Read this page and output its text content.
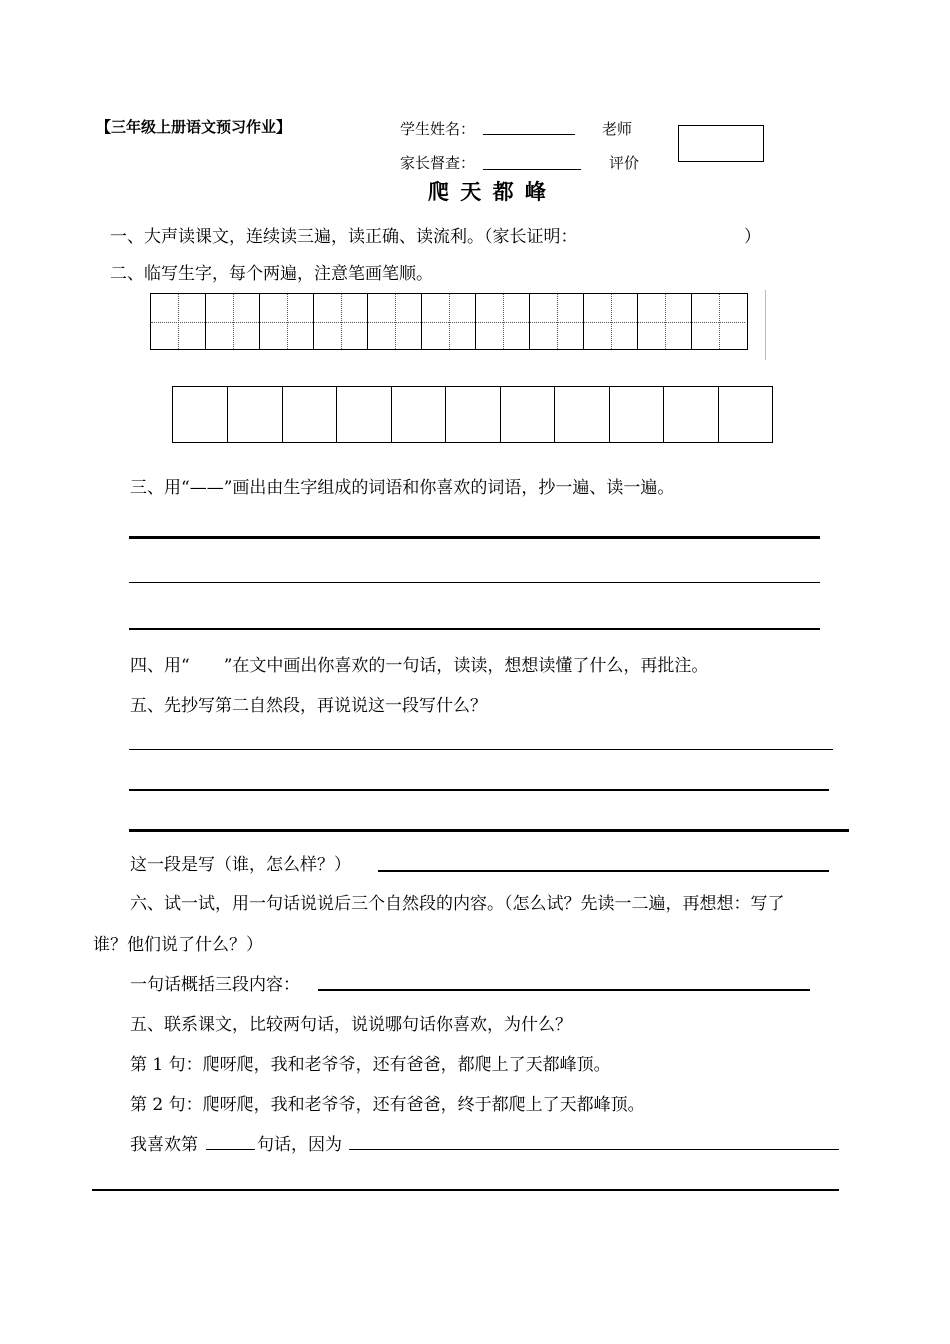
【三年级上册语文预习作业】	学生姓名：	老师
家长督查：	评价
爬 天 都 峰
一、大声读课文，连续读三遍，读正确、读流利。（家长证明：	）
二、临写生字，每个两遍，注意笔画笔顺。
三、用“——”画出由生字组成的词语和你喜欢的词语，抄一遍、读一遍。
四、用“　　”在文中画出你喜欢的一句话，读读，想想读懂了什么，再批注。
五、先抄写第二自然段，再说说这一段写什么？
这一段是写（谁，怎么样？）
六、试一试，用一句话说说后三个自然段的内容。（怎么试？先读一二遍，再想想：写了
谁？他们说了什么？）
一句话概括三段内容：
五、联系课文，比较两句话，说说哪句话你喜欢，为什么？
第 1 句：爬呀爬，我和老爷爷，还有爸爸，都爬上了天都峰顶。
第 2 句：爬呀爬，我和老爷爷，还有爸爸，终于都爬上了天都峰顶。
我喜欢第	句话，因为
